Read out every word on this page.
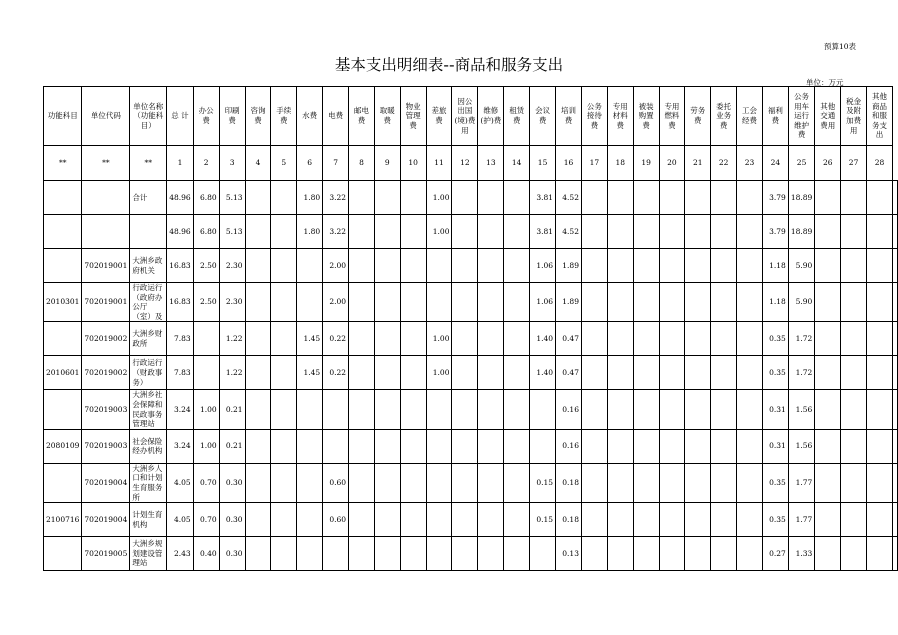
预算10表
基本支出明细表--商品和服务支出
单位：万元
功能科目	单位代码	单位名称（功能科目）	总 计	办公费	印刷费	咨询费	手续费	水费	电费	邮电费	取暖费	物业管理费	差旅费	因公出国(境)费用	维修(护)费	租赁费	会议费	培训费	公务接待费	专用材料费	被装购置费	专用燃料费	劳务费	委托业务费	工会经费	福利费	公务用车运行维护费	其他交通费用	税金及附加费用	其他商品和服务支出	
**	**	**	1	2	3	4	5	6	7	8	9	10	11	12	13	14	15	16	17	18	19	20	21	22	23	24	25	26	27	28	
		合计	48.96	6.80	5.13			1.80	3.22				1.00				3.81	4.52								3.79	18.89				
			48.96	6.80	5.13			1.80	3.22				1.00				3.81	4.52								3.79	18.89				
	702019001	大洲乡政府机关	16.83	2.50	2.30				2.00								1.06	1.89								1.18	5.90				
2010301	702019001	行政运行（政府办公厅（室）及	16.83	2.50	2.30				2.00								1.06	1.89								1.18	5.90				
	702019002	大洲乡财政所	7.83		1.22			1.45	0.22				1.00				1.40	0.47								0.35	1.72				
2010601	702019002	行政运行（财政事务）	7.83		1.22			1.45	0.22				1.00				1.40	0.47								0.35	1.72				
	702019003	大洲乡社会保障和民政事务管理站	3.24	1.00	0.21													0.16								0.31	1.56				
2080109	702019003	社会保险经办机构	3.24	1.00	0.21													0.16								0.31	1.56				
	702019004	大洲乡人口和计划生育服务所	4.05	0.70	0.30				0.60								0.15	0.18								0.35	1.77				
2100716	702019004	计划生育机构	4.05	0.70	0.30				0.60								0.15	0.18								0.35	1.77				
	702019005	大洲乡规划建设管理站	2.43	0.40	0.30													0.13								0.27	1.33				
